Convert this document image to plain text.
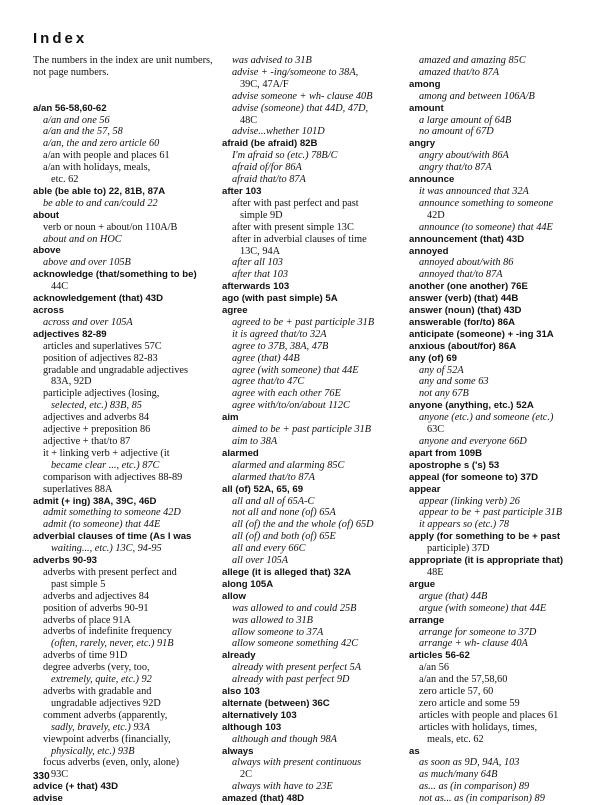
Index
The numbers in the index are unit numbers, not page numbers.
a/an 56-58,60-62
a/an and one 56
a/an and the 57, 58
a/an, the and zero article 60
a/an with people and places 61
a/an with holidays, meals,
etc. 62
able (be able to) 22, 81B, 87A
be able to and can/could 22
about
verb or noun + about/on 110A/B
about and on HOC
above
above and over 105B
acknowledge (that/something to be)
44C
acknowledgement (that) 43D
across
across and over 105A
adjectives 82-89
articles and superlatives 57C
position of adjectives 82-83
gradable and ungradable adjectives
83A, 92D
participle adjectives (losing,
selected, etc.) 83B, 85
adjectives and adverbs 84
adjective + preposition 86
adjective + that/to 87
it + linking verb + adjective (it
became clear ..., etc.) 87C
comparison with adjectives 88-89
superlatives 88A
admit (+ ing) 38A, 39C, 46D
admit something to someone 42D
admit (to someone) that 44E
adverbial clauses of time (As I was
waiting..., etc.) 13C, 94-95
adverbs 90-93
adverbs with present perfect and
past simple 5
adverbs and adjectives 84
position of adverbs 90-91
adverbs of place 91A
adverbs of indefinite frequency
(often, rarely, never, etc.) 91B
adverbs of time 91D
degree adverbs (very, too,
extremely, quite, etc.) 92
adverbs with gradable and
ungradable adjectives 92D
comment adverbs (apparently,
sadly, bravely, etc.) 93A
viewpoint adverbs (financially,
physically, etc.) 93B
focus adverbs (even, only, alone)
93C
advice (+ that) 43D
advise
was advised to 31B
advise + -ing/someone to 38A,
39C, 47A/F
advise someone + wh- clause 40B
advise (someone) that 44D, 47D,
48C
advise...whether 101D
afraid (be afraid) 82B
I'm afraid so (etc.) 78B/C
afraid of/for 86A
afraid that/to 87A
after 103
after with past perfect and past
simple 9D
after with present simple 13C
after in adverbial clauses of time
13C, 94A
after all 103
after that 103
afterwards 103
ago (with past simple) 5A
agree
agreed to be + past participle 31B
it is agreed that/to 32A
agree to 37B, 38A, 47B
agree (that) 44B
agree (with someone) that 44E
agree that/to 47C
agree with each other 76E
agree with/to/on/about 112C
aim
aimed to be + past participle 31B
aim to 38A
alarmed
alarmed and alarming 85C
alarmed that/to 87A
all (of) 52A, 65, 69
all and all of 65A-C
not all and none (of) 65A
all (of) the and the whole (of) 65D
all (of) and both (of) 65E
all and every 66C
all over 105A
allege (it is alleged that) 32A
along 105A
allow
was allowed to and could 25B
was allowed to 31B
allow someone to 37A
allow someone something 42C
already
already with present perfect 5A
already with past perfect 9D
also 103
alternate (between) 36C
alternatively 103
although 103
although and though 98A
always
always with present continuous
2C
always with have to 23E
amazed (that) 48D
amazed and amazing 85C
amazed that/to 87A
among
among and between 106A/B
amount
a large amount of 64B
no amount of 67D
angry
angry about/with 86A
angry that/to 87A
announce
it was announced that 32A
announce something to someone
42D
announce (to someone) that 44E
announcement (that) 43D
annoyed
annoyed about/with 86
annoyed that/to 87A
another (one another) 76E
answer (verb) (that) 44B
answer (noun) (that) 43D
answerable (for/to) 86A
anticipate (someone) + -ing 31A
anxious (about/for) 86A
any (of) 69
any of 52A
any and some 63
not any 67B
anyone (anything, etc.) 52A
anyone (etc.) and someone (etc.)
63C
anyone and everyone 66D
apart from 109B
apostrophe s ('s) 53
appeal (for someone to) 37D
appear
appear (linking verb) 26
appear to be + past participle 31B
it appears so (etc.) 78
apply (for something to be + past
participle) 37D
appropriate (it is appropriate that)
48E
argue
argue (that) 44B
argue (with someone) that 44E
arrange
arrange for someone to 37D
arrange + wh- clause 40A
articles 56-62
a/an 56
a/an and the 57,58,60
zero article 57, 60
zero article and some 59
articles with people and places 61
articles with holidays, times,
meals, etc. 62
as
as soon as 9D, 94A, 103
as much/many 64B
as... as (in comparison) 89
not as... as (in comparison) 89
330
